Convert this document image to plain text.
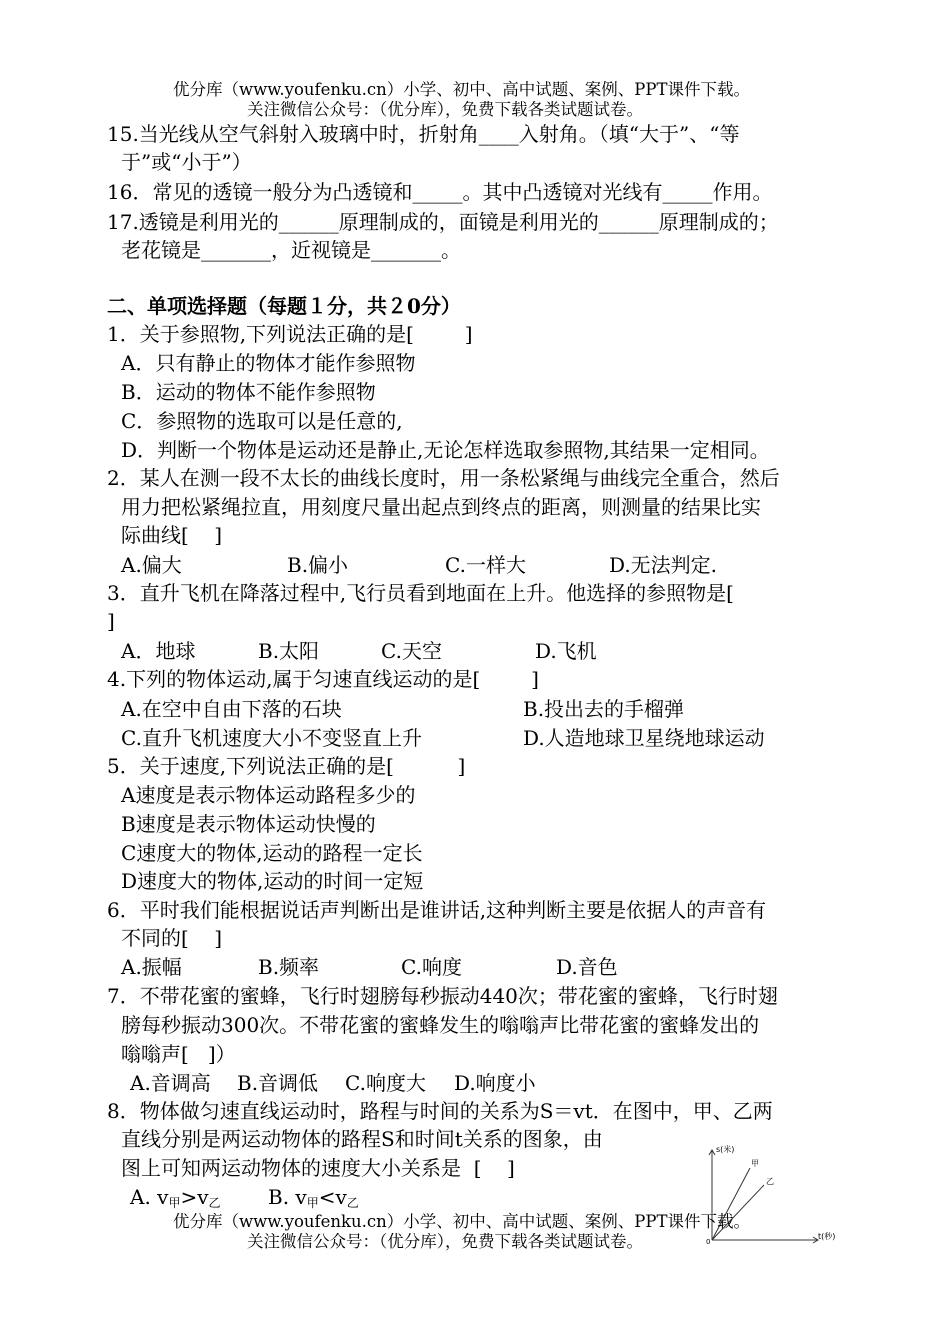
优分库（www.youfenku.cn）小学、初中、高中试题、案例、PPT课件下载。
关注微信公众号：（优分库），免费下载各类试题试卷。
15.当光线从空气斜射入玻璃中时，折射角____入射角。（填“大于”、“等
于”或“小于”）
16．常见的透镜一般分为凸透镜和_____。其中凸透镜对光线有_____作用。
17.透镜是利用光的______原理制成的，面镜是利用光的______原理制成的；
老花镜是_______，近视镜是_______。
二、单项选择题（每题１分，共２0分）
1．关于参照物,下列说法正确的是[        ]
A．只有静止的物体才能作参照物
B．运动的物体不能作参照物
C．参照物的选取可以是任意的,
D．判断一个物体是运动还是静止,无论怎样选取参照物,其结果一定相同。
2．某人在测一段不太长的曲线长度时，用一条松紧绳与曲线完全重合，然后
用力把松紧绳拉直，用刻度尺量出起点到终点的距离，则测量的结果比实
际曲线[    ]
A.偏大	B.偏小	C.一样大	D.无法判定.
3．直升飞机在降落过程中,飞行员看到地面在上升。他选择的参照物是[
]
A．地球	B.太阳	C.天空	D.飞机
4.下列的物体运动,属于匀速直线运动的是[        ]
A.在空中自由下落的石块	B.投出去的手榴弹
C.直升飞机速度大小不变竖直上升	D.人造地球卫星绕地球运动
5．关于速度,下列说法正确的是[          ]
A速度是表示物体运动路程多少的
B速度是表示物体运动快慢的
C速度大的物体,运动的路程一定长
D速度大的物体,运动的时间一定短
6．平时我们能根据说话声判断出是谁讲话,这种判断主要是依据人的声音有
不同的[    ]
A.振幅	B.频率	C.响度	D.音色
7．不带花蜜的蜜蜂，飞行时翅膀每秒振动440次；带花蜜的蜜蜂，飞行时翅
膀每秒振动300次。不带花蜜的蜜蜂发生的嗡嗡声比带花蜜的蜜蜂发出的
嗡嗡声[   ]）
A.音调高 B.音调低 C.响度大 D.响度小
8．物体做匀速直线运动时，路程与时间的关系为S＝vt．在图中，甲、乙两
直线分别是两运动物体的路程S和时间t关系的图象，由
图上可知两运动物体的速度大小关系是  [    ]
A. $v_甲>v_乙$ B. $v_甲<v_乙$
s(米)
t(秒)
0
甲
乙
优分库（www.youfenku.cn）小学、初中、高中试题、案例、PPT课件下载。
关注微信公众号：（优分库），免费下载各类试题试卷。
